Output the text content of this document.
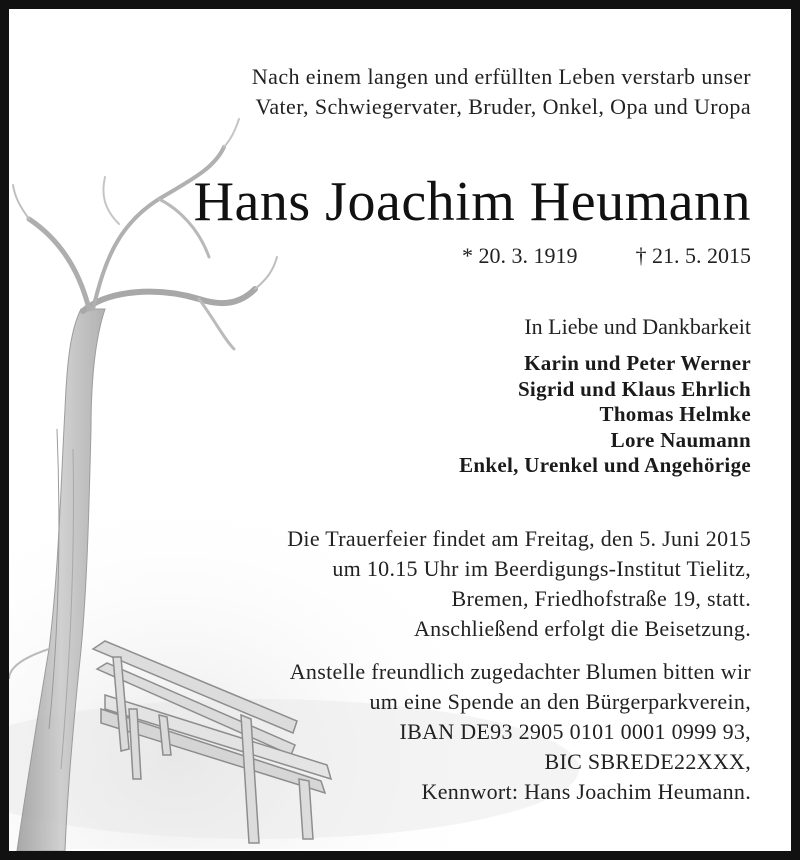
Nach einem langen und erfüllten Leben verstarb unser
Vater, Schwiegervater, Bruder, Onkel, Opa und Uropa
Hans Joachim Heumann
* 20. 3. 1919	† 21. 5. 2015
In Liebe und Dankbarkeit
Karin und Peter Werner
Sigrid und Klaus Ehrlich
Thomas Helmke
Lore Naumann
Enkel, Urenkel und Angehörige
Die Trauerfeier findet am Freitag, den 5. Juni 2015
um 10.15 Uhr im Beerdigungs-Institut Tielitz,
Bremen, Friedhofstraße 19, statt.
Anschließend erfolgt die Beisetzung.
Anstelle freundlich zugedachter Blumen bitten wir
um eine Spende an den Bürgerparkverein,
IBAN DE93 2905 0101 0001 0999 93,
BIC SBREDE22XXX,
Kennwort: Hans Joachim Heumann.
